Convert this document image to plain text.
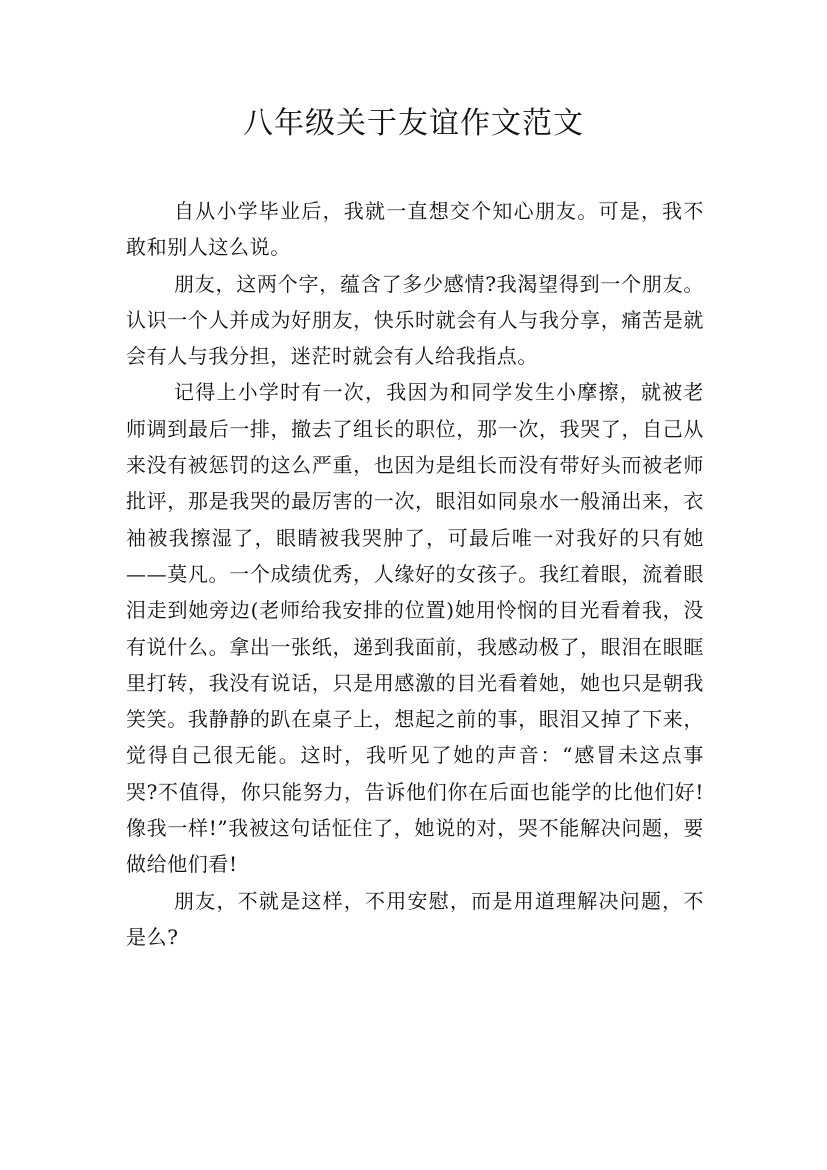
八年级关于友谊作文范文

自从小学毕业后，我就一直想交个知心朋友。可是，我不敢和别人这么说。

朋友，这两个字，蕴含了多少感情?我渴望得到一个朋友。认识一个人并成为好朋友，快乐时就会有人与我分享，痛苦是就会有人与我分担，迷茫时就会有人给我指点。

记得上小学时有一次，我因为和同学发生小摩擦，就被老师调到最后一排，撤去了组长的职位，那一次，我哭了，自己从来没有被惩罚的这么严重，也因为是组长而没有带好头而被老师批评，那是我哭的最厉害的一次，眼泪如同泉水一般涌出来，衣袖被我擦湿了，眼睛被我哭肿了，可最后唯一对我好的只有她——莫凡。一个成绩优秀，人缘好的女孩子。我红着眼，流着眼泪走到她旁边(老师给我安排的位置)她用怜悯的目光看着我，没有说什么。拿出一张纸，递到我面前，我感动极了，眼泪在眼眶里打转，我没有说话，只是用感激的目光看着她，她也只是朝我笑笑。我静静的趴在桌子上，想起之前的事，眼泪又掉了下来，觉得自己很无能。这时，我听见了她的声音：“感冒未这点事哭?不值得，你只能努力，告诉他们你在后面也能学的比他们好!像我一样!”我被这句话怔住了，她说的对，哭不能解决问题，要做给他们看!

朋友，不就是这样，不用安慰，而是用道理解决问题，不是么?
